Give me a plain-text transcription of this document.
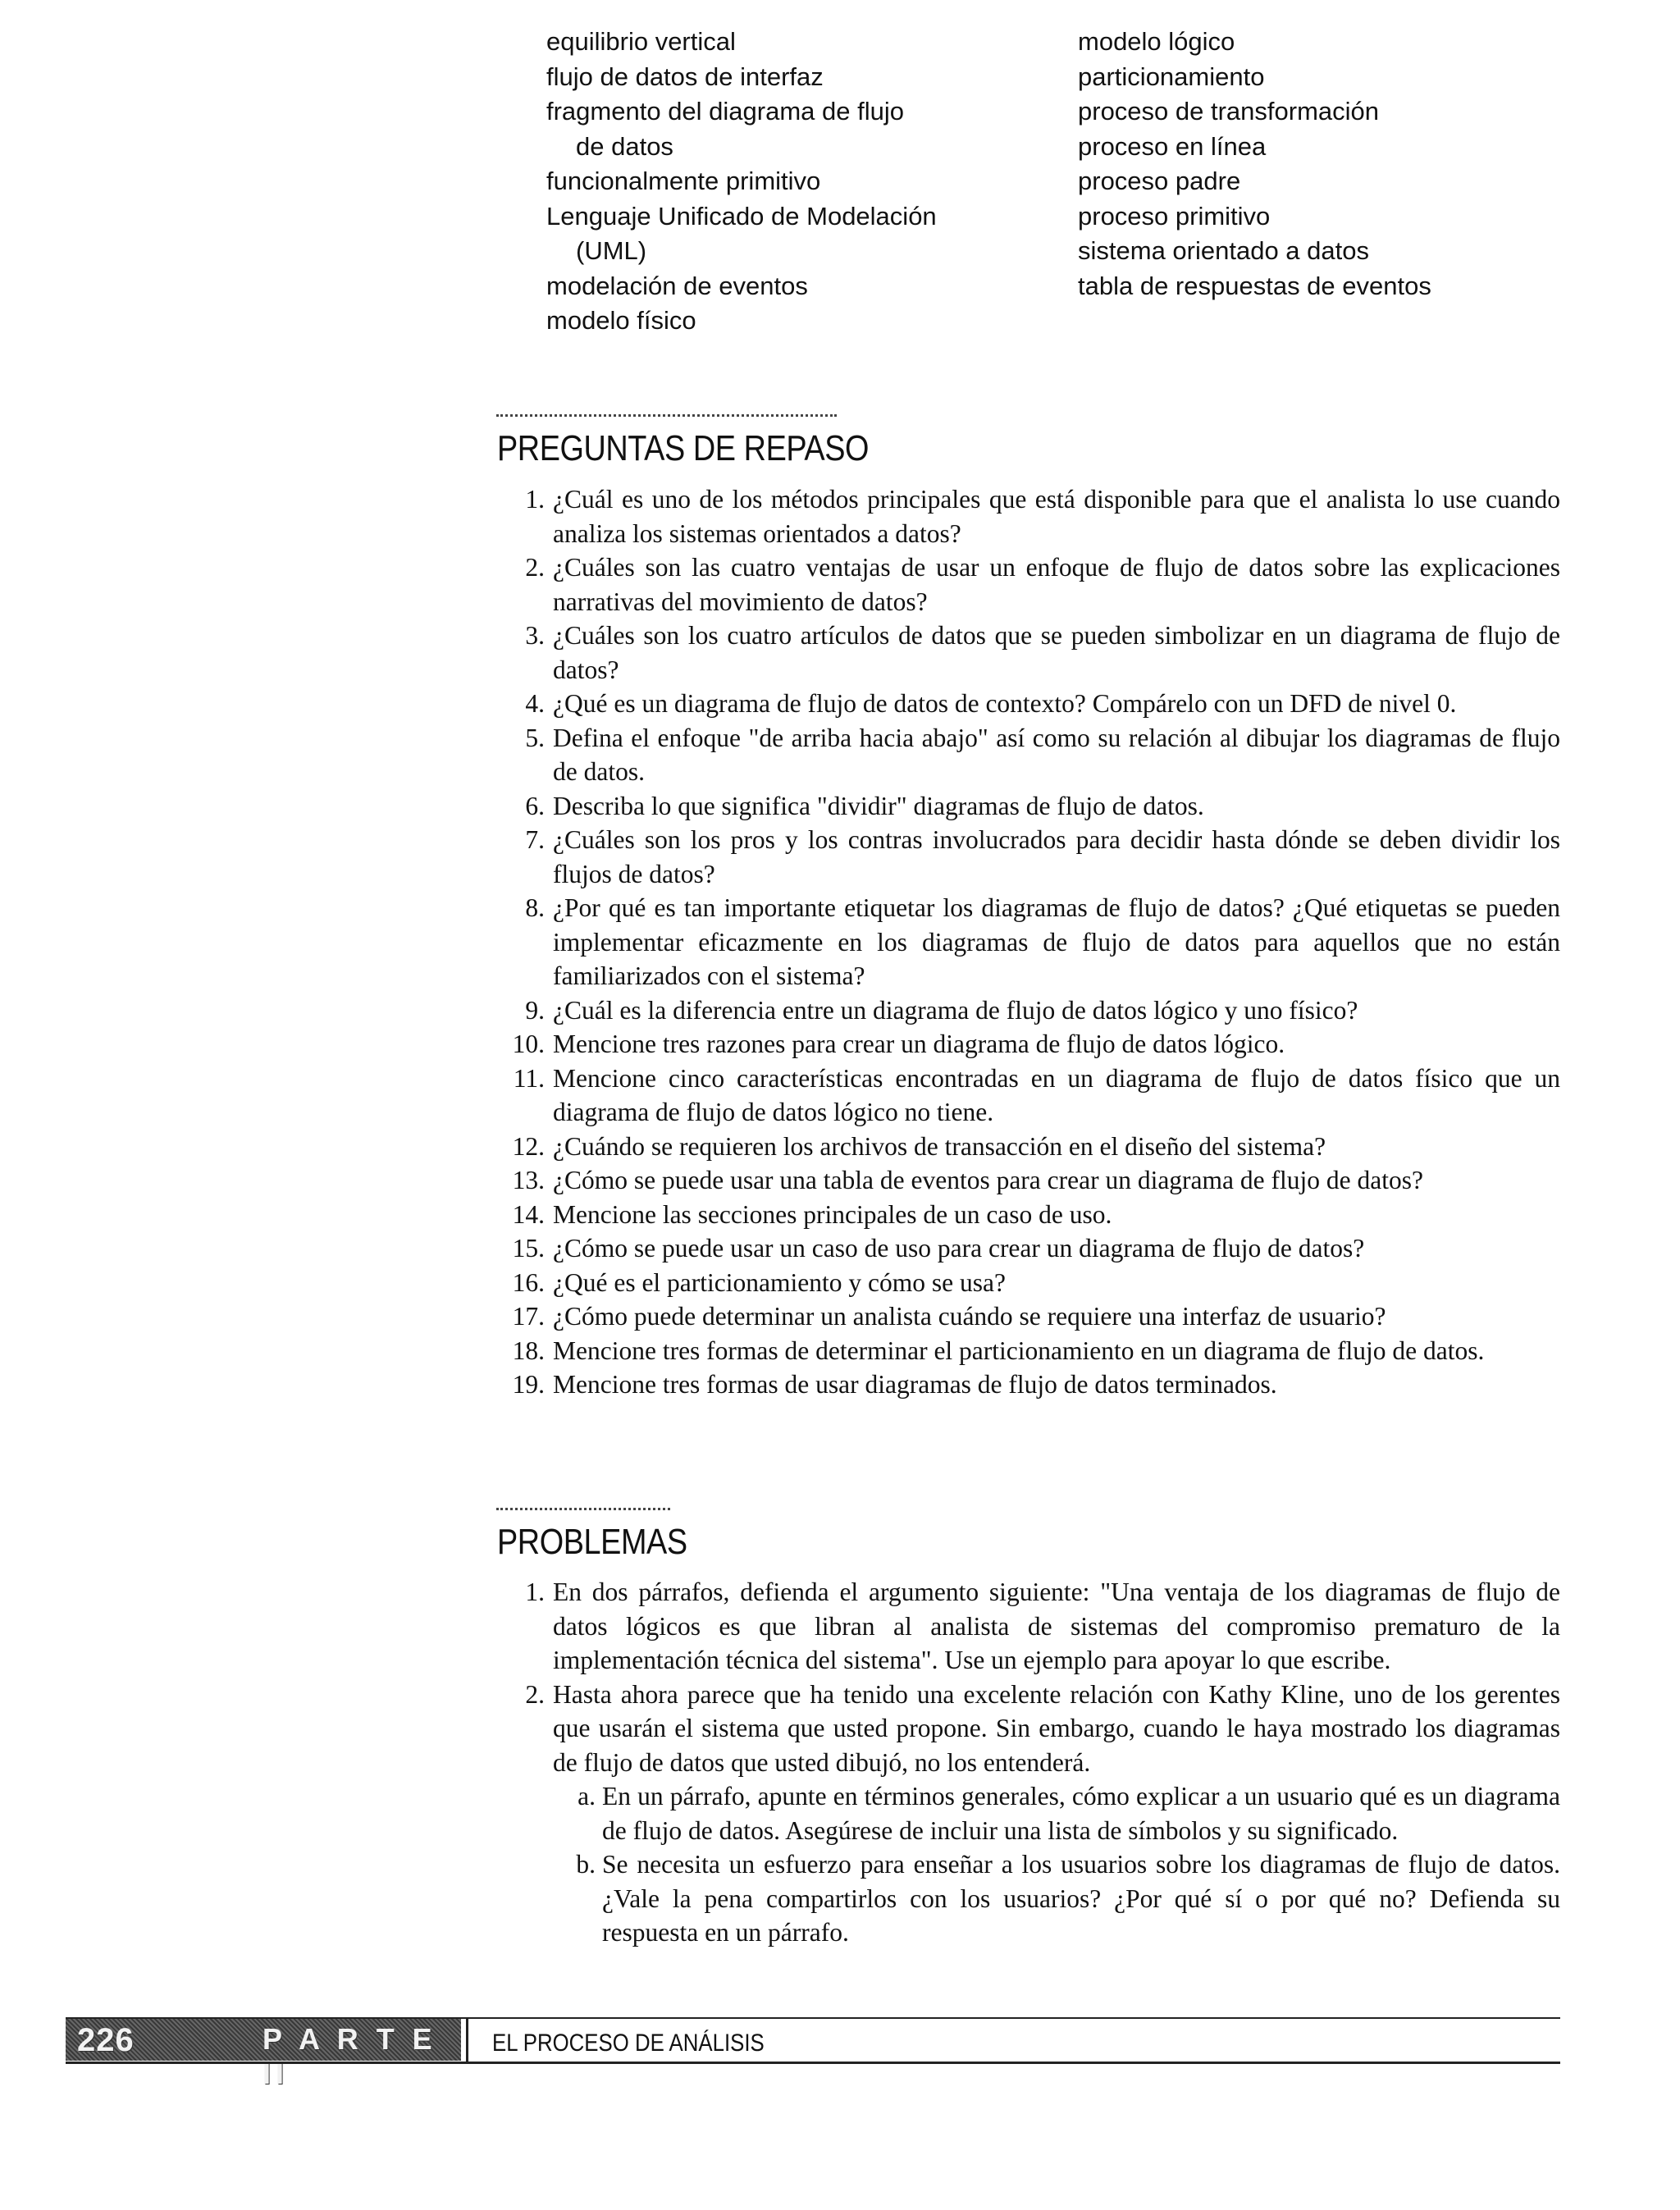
equilibrio vertical
flujo de datos de interfaz
fragmento del diagrama de flujo
de datos
funcionalmente primitivo
Lenguaje Unificado de Modelación
(UML)
modelación de eventos
modelo físico
modelo lógico
particionamiento
proceso de transformación
proceso en línea
proceso padre
proceso primitivo
sistema orientado a datos
tabla de respuestas de eventos
PREGUNTAS DE REPASO
1. ¿Cuál es uno de los métodos principales que está disponible para que el analista lo use cuando analiza los sistemas orientados a datos?
2. ¿Cuáles son las cuatro ventajas de usar un enfoque de flujo de datos sobre las explicaciones narrativas del movimiento de datos?
3. ¿Cuáles son los cuatro artículos de datos que se pueden simbolizar en un diagrama de flujo de datos?
4. ¿Qué es un diagrama de flujo de datos de contexto? Compárelo con un DFD de nivel 0.
5. Defina el enfoque "de arriba hacia abajo" así como su relación al dibujar los diagramas de flujo de datos.
6. Describa lo que significa "dividir" diagramas de flujo de datos.
7. ¿Cuáles son los pros y los contras involucrados para decidir hasta dónde se deben dividir los flujos de datos?
8. ¿Por qué es tan importante etiquetar los diagramas de flujo de datos? ¿Qué etiquetas se pueden implementar eficazmente en los diagramas de flujo de datos para aquellos que no están familiarizados con el sistema?
9. ¿Cuál es la diferencia entre un diagrama de flujo de datos lógico y uno físico?
10. Mencione tres razones para crear un diagrama de flujo de datos lógico.
11. Mencione cinco características encontradas en un diagrama de flujo de datos físico que un diagrama de flujo de datos lógico no tiene.
12. ¿Cuándo se requieren los archivos de transacción en el diseño del sistema?
13. ¿Cómo se puede usar una tabla de eventos para crear un diagrama de flujo de datos?
14. Mencione las secciones principales de un caso de uso.
15. ¿Cómo se puede usar un caso de uso para crear un diagrama de flujo de datos?
16. ¿Qué es el particionamiento y cómo se usa?
17. ¿Cómo puede determinar un analista cuándo se requiere una interfaz de usuario?
18. Mencione tres formas de determinar el particionamiento en un diagrama de flujo de datos.
19. Mencione tres formas de usar diagramas de flujo de datos terminados.
PROBLEMAS
1. En dos párrafos, defienda el argumento siguiente: "Una ventaja de los diagramas de flujo de datos lógicos es que libran al analista de sistemas del compromiso prematuro de la implementación técnica del sistema". Use un ejemplo para apoyar lo que escribe.
2. Hasta ahora parece que ha tenido una excelente relación con Kathy Kline, uno de los gerentes que usarán el sistema que usted propone. Sin embargo, cuando le haya mostrado los diagramas de flujo de datos que usted dibujó, no los entenderá.
a. En un párrafo, apunte en términos generales, cómo explicar a un usuario qué es un diagrama de flujo de datos. Asegúrese de incluir una lista de símbolos y su significado.
b. Se necesita un esfuerzo para enseñar a los usuarios sobre los diagramas de flujo de datos. ¿Vale la pena compartirlos con los usuarios? ¿Por qué sí o por qué no? Defienda su respuesta en un párrafo.
226	P A R T E II
EL PROCESO DE ANÁLISIS
